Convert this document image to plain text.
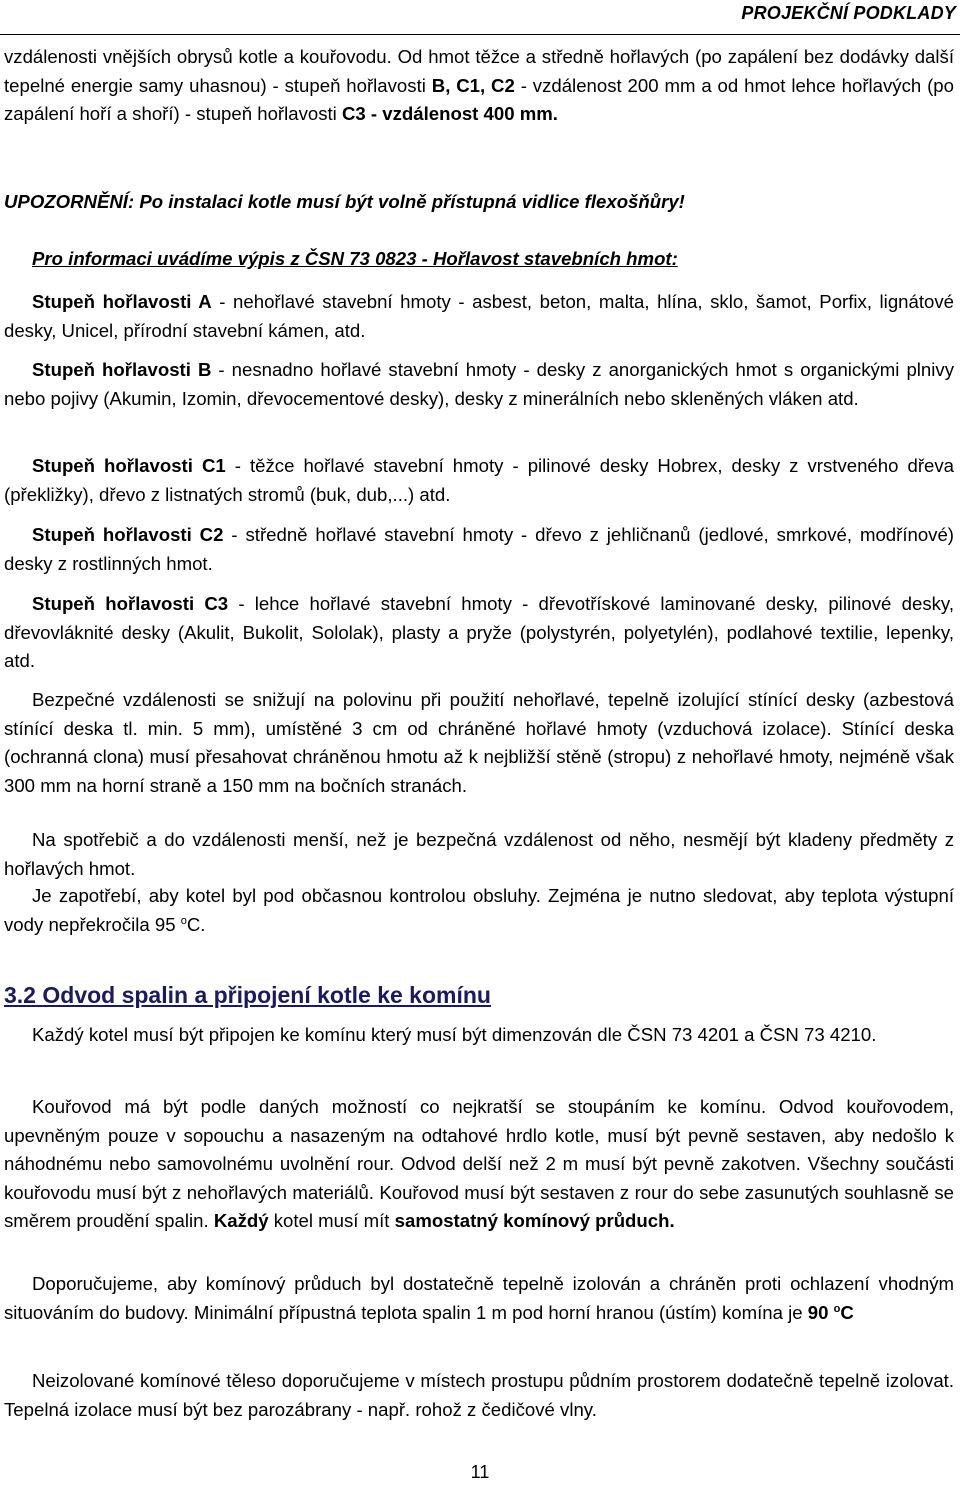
PROJEKČNÍ PODKLADY

vzdálenosti vnějších obrysů kotle a kouřovodu. Od hmot těžce a středně hořlavých (po zapálení bez dodávky další tepelné energie samy uhasnou) - stupeň hořlavosti B, C1, C2 - vzdálenost 200 mm a od hmot lehce hořlavých (po zapálení hoří a shoří) - stupeň hořlavosti C3 - vzdálenost 400 mm.

UPOZORNĚNÍ: Po instalaci kotle musí být volně přístupná vidlice flexošňůry!

Pro informaci uvádíme výpis z ČSN 73 0823 - Hořlavost stavebních hmot:

Stupeň hořlavosti A - nehořlavé stavební hmoty - asbest, beton, malta, hlína, sklo, šamot, Porfix, lignátové desky, Unicel, přírodní stavební kámen, atd.

Stupeň hořlavosti B - nesnadno hořlavé stavební hmoty - desky z anorganických hmot s organickými plnivy nebo pojivy (Akumin, Izomin, dřevocementové desky), desky z minerálních nebo skleněných vláken atd.

Stupeň hořlavosti C1 - těžce hořlavé stavební hmoty - pilinové desky Hobrex, desky z vrstveného dřeva (překližky), dřevo z listnatých stromů (buk, dub,...) atd.

Stupeň hořlavosti C2 - středně hořlavé stavební hmoty - dřevo z jehličnanů (jedlové, smrkové, modřínové) desky z rostlinných hmot.

Stupeň hořlavosti C3 - lehce hořlavé stavební hmoty - dřevotřískové laminované desky, pilinové desky, dřevovláknité desky (Akulit, Bukolit, Sololak), plasty a pryže (polystyrén, polyetylén), podlahové textilie, lepenky, atd.

Bezpečné vzdálenosti se snižují na polovinu při použití nehořlavé, tepelně izolující stínící desky (azbestová stínící deska tl. min. 5 mm), umístěné 3 cm od chráněné hořlavé hmoty (vzduchová izolace). Stínící deska (ochranná clona) musí přesahovat chráněnou hmotu až k nejbližší stěně (stropu) z nehořlavé hmoty, nejméně však 300 mm na horní straně a 150 mm na bočních stranách.

Na spotřebič a do vzdálenosti menší, než je bezpečná vzdálenost od něho, nesmějí být kladeny předměty z hořlavých hmot.

Je zapotřebí, aby kotel byl pod občasnou kontrolou obsluhy. Zejména je nutno sledovat, aby teplota výstupní vody nepřekročila 95 $^o$C.

3.2 Odvod spalin a připojení kotle ke komínu

Každý kotel musí být připojen ke komínu který musí být dimenzován dle ČSN 73 4201 a ČSN 73 4210.

Kouřovod má být podle daných možností co nejkratší se stoupáním ke komínu. Odvod kouřovodem, upevněným pouze v sopouchu a nasazeným na odtahové hrdlo kotle, musí být pevně sestaven, aby nedošlo k náhodnému nebo samovolnému uvolnění rour. Odvod delší než 2 m musí být pevně zakotven. Všechny součásti kouřovodu musí být z nehořlavých materiálů. Kouřovod musí být sestaven z rour do sebe zasunutých souhlasně se směrem proudění spalin. Každý kotel musí mít samostatný komínový průduch.

Doporučujeme, aby komínový průduch byl dostatečně tepelně izolován a chráněn proti ochlazení vhodným situováním do budovy. Minimální přípustná teplota spalin 1 m pod horní hranou (ústím) komína je 90 $^o$C

Neizolované komínové těleso doporučujeme v místech prostupu půdním prostorem dodatečně tepelně izolovat. Tepelná izolace musí být bez parozábrany - např. rohož z čedičové vlny.

11
